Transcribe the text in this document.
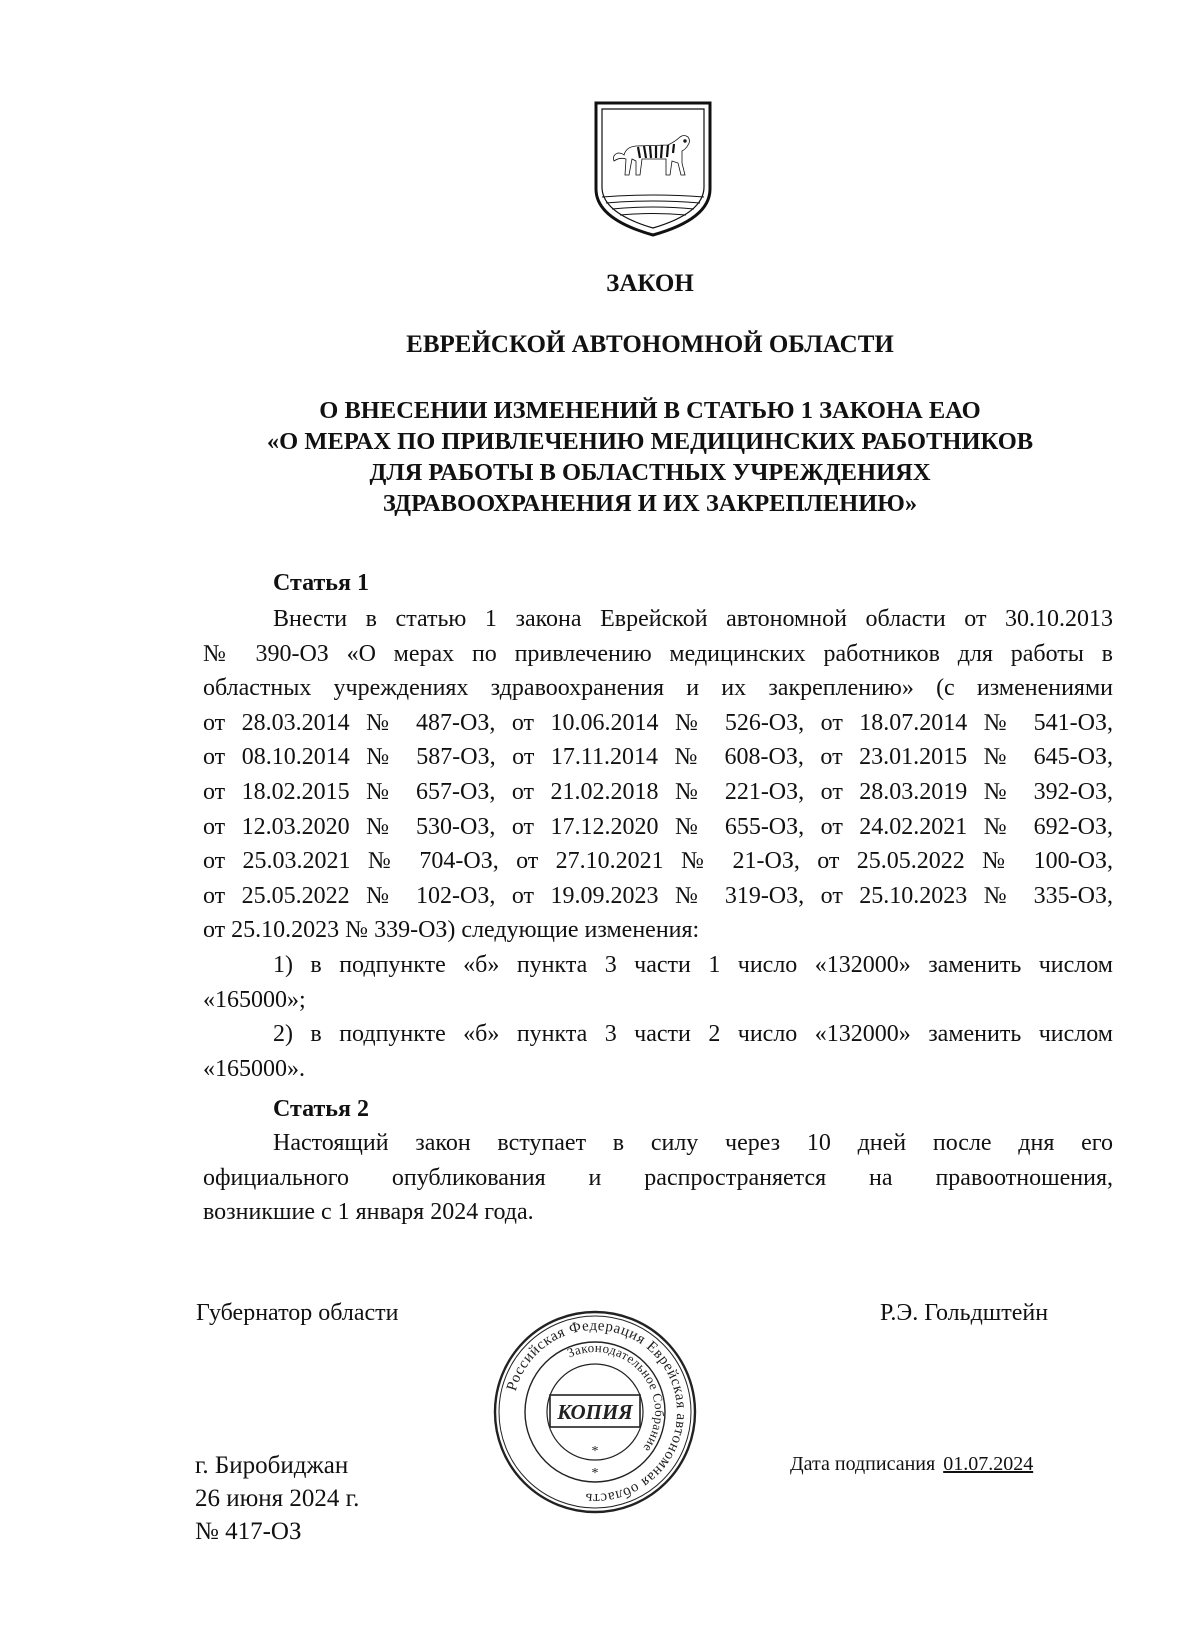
ЗАКОН
ЕВРЕЙСКОЙ АВТОНОМНОЙ ОБЛАСТИ
О ВНЕСЕНИИ ИЗМЕНЕНИЙ В СТАТЬЮ 1 ЗАКОНА ЕАО
«О МЕРАХ ПО ПРИВЛЕЧЕНИЮ МЕДИЦИНСКИХ РАБОТНИКОВ
ДЛЯ РАБОТЫ В ОБЛАСТНЫХ УЧРЕЖДЕНИЯХ
ЗДРАВООХРАНЕНИЯ И ИХ ЗАКРЕПЛЕНИЮ»
Статья 1
Внести в статью 1 закона Еврейской автономной области от 30.10.2013
№ 390-ОЗ «О мерах по привлечению медицинских работников для работы в
областных учреждениях здравоохранения и их закреплению» (с изменениями
от 28.03.2014 № 487-ОЗ, от 10.06.2014 № 526-ОЗ, от 18.07.2014 № 541-ОЗ,
от 08.10.2014 № 587-ОЗ, от 17.11.2014 № 608-ОЗ, от 23.01.2015 № 645-ОЗ,
от 18.02.2015 № 657-ОЗ, от 21.02.2018 № 221-ОЗ, от 28.03.2019 № 392-ОЗ,
от 12.03.2020 № 530-ОЗ, от 17.12.2020 № 655-ОЗ, от 24.02.2021 № 692-ОЗ,
от 25.03.2021 № 704-ОЗ, от 27.10.2021 № 21-ОЗ, от 25.05.2022 № 100-ОЗ,
от 25.05.2022 № 102-ОЗ, от 19.09.2023 № 319-ОЗ, от 25.10.2023 № 335-ОЗ,
от 25.10.2023 № 339-ОЗ) следующие изменения:
1) в подпункте «б» пункта 3 части 1 число «132000» заменить числом
«165000»;
2) в подпункте «б» пункта 3 части 2 число «132000» заменить числом
«165000».
Статья 2
Настоящий закон вступает в силу через 10 дней после дня его
официального опубликования и распространяется на правоотношения,
возникшие с 1 января 2024 года.
Губернатор области	Р.Э. Гольдштейн
Российская Федерация Еврейская автономная область
Законодательное Собрание
КОПИЯ
*
*	Дата подписания 01.07.2024
г. Биробиджан
26 июня 2024 г.
№ 417-ОЗ
